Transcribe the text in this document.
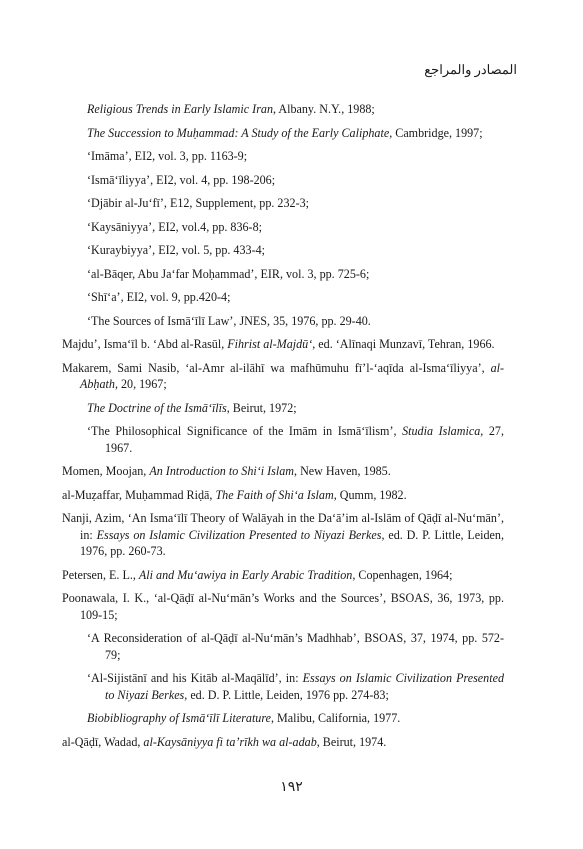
المصادر والمراجع
Religious Trends in Early Islamic Iran, Albany. N.Y., 1988;
The Succession to Muḥammad: A Study of the Early Caliphate, Cambridge, 1997;
‘Imāma’, EI2, vol. 3, pp. 1163-9;
‘Ismā‘īliyya’, EI2, vol. 4, pp. 198-206;
‘Djābir al-Ju‘fī’, E12, Supplement, pp. 232-3;
‘Kaysāniyya’, EI2, vol.4, pp. 836-8;
‘Kuraybiyya’, EI2, vol. 5, pp. 433-4;
‘al-Bāqer, Abu Ja‘far Moḥammad’, EIR, vol. 3, pp. 725-6;
‘Shī‘a’, EI2, vol. 9, pp.420-4;
‘The Sources of Ismā‘īlī Law’, JNES, 35, 1976, pp. 29-40.
Majdu’, Isma‘īl b. ‘Abd al-Rasūl, Fihrist al-Majdū‘, ed. ‘Alīnaqi Munzavī, Tehran, 1966.
Makarem, Sami Nasib, ‘al-Amr al-ilāhī wa mafhūmuhu fī’l-‘aqīda al-Isma‘īliyya’, al-Abḥath, 20, 1967;
The Doctrine of the Ismā‘īlīs, Beirut, 1972;
‘The Philosophical Significance of the Imām in Ismā‘īlism’, Studia Islamica, 27, 1967.
Momen, Moojan, An Introduction to Shi‘i Islam, New Haven, 1985.
al-Muẓaffar, Muḥammad Riḍā, The Faith of Shi‘a Islam, Qumm, 1982.
Nanji, Azim, ‘An Isma‘īlī Theory of Walāyah in the Da‘ā’im al-Islām of Qāḍī al-Nu‘mān’, in: Essays on Islamic Civilization Presented to Niyazi Berkes, ed. D. P. Little, Leiden, 1976, pp. 260-73.
Petersen, E. L., Ali and Mu‘awiya in Early Arabic Tradition, Copenhagen, 1964;
Poonawala, I. K., ‘al-Qāḍī al-Nu‘mān’s Works and the Sources’, BSOAS, 36, 1973, pp. 109-15;
‘A Reconsideration of al-Qāḍī al-Nu‘mān’s Madhhab’, BSOAS, 37, 1974, pp. 572-79;
‘Al-Sijistānī and his Kitāb al-Maqālīd’, in: Essays on Islamic Civilization Presented to Niyazi Berkes, ed. D. P. Little, Leiden, 1976 pp. 274-83;
Biobibliography of Ismā‘īlī Literature, Malibu, California, 1977.
al-Qāḍī, Wadad, al-Kaysāniyya fi ta’rīkh wa al-adab, Beirut, 1974.
١٩٢
